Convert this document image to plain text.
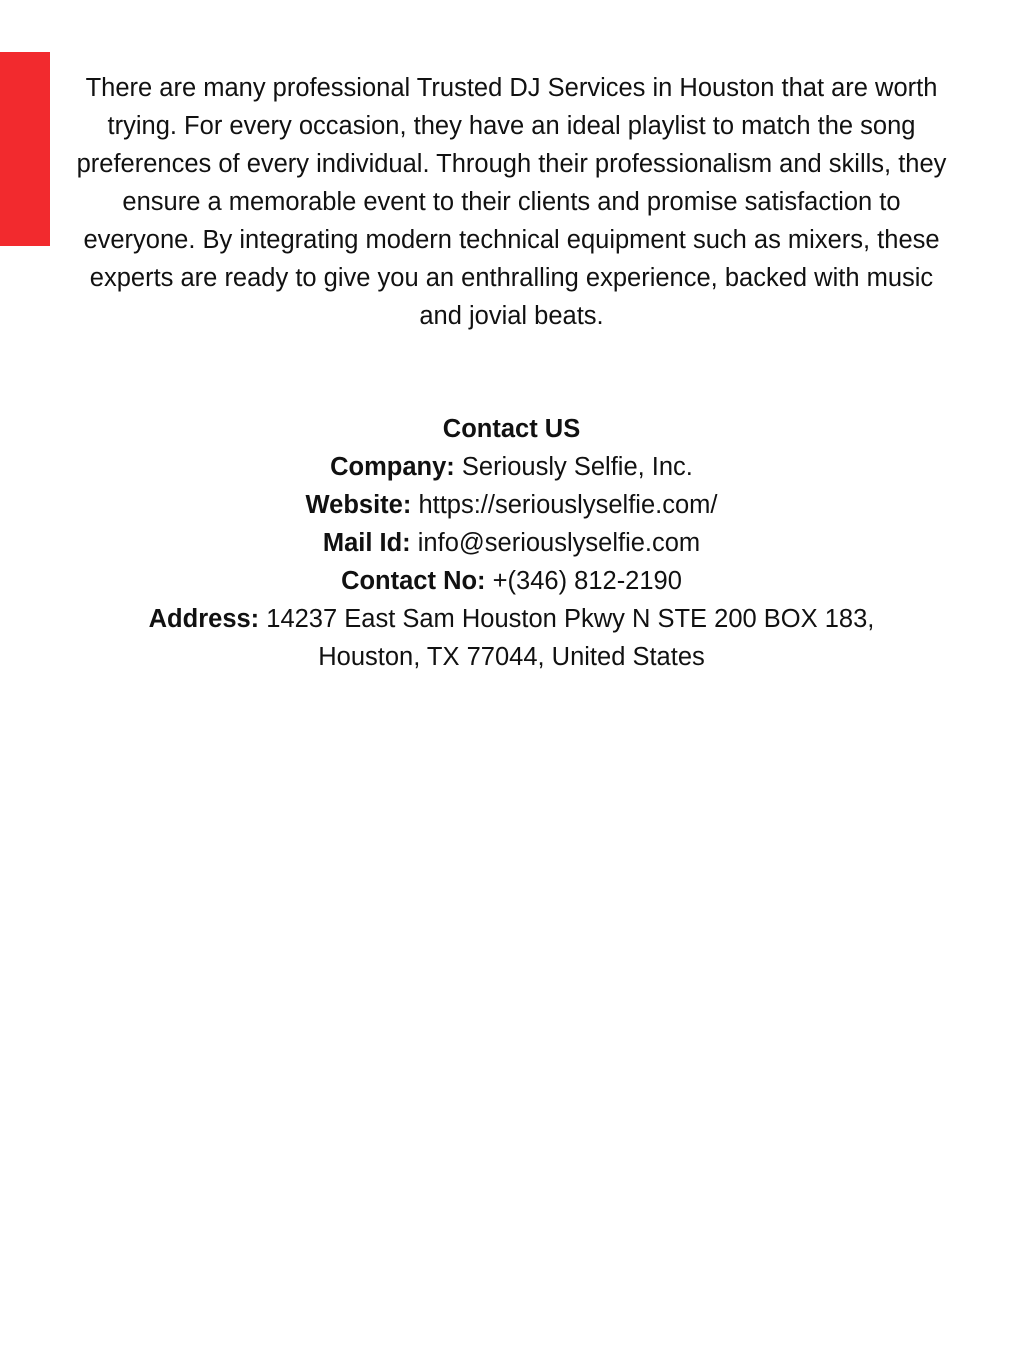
There are many professional Trusted DJ Services in Houston that are worth trying. For every occasion, they have an ideal playlist to match the song preferences of every individual. Through their professionalism and skills, they ensure a memorable event to their clients and promise satisfaction to everyone. By integrating modern technical equipment such as mixers, these experts are ready to give you an enthralling experience, backed with music and jovial beats.

Contact US
Company: Seriously Selfie, Inc.
Website: https://seriouslyselfie.com/
Mail Id: info@seriouslyselfie.com
Contact No: +(346) 812-2190
Address: 14237 East Sam Houston Pkwy N STE 200 BOX 183,
Houston, TX 77044, United States
